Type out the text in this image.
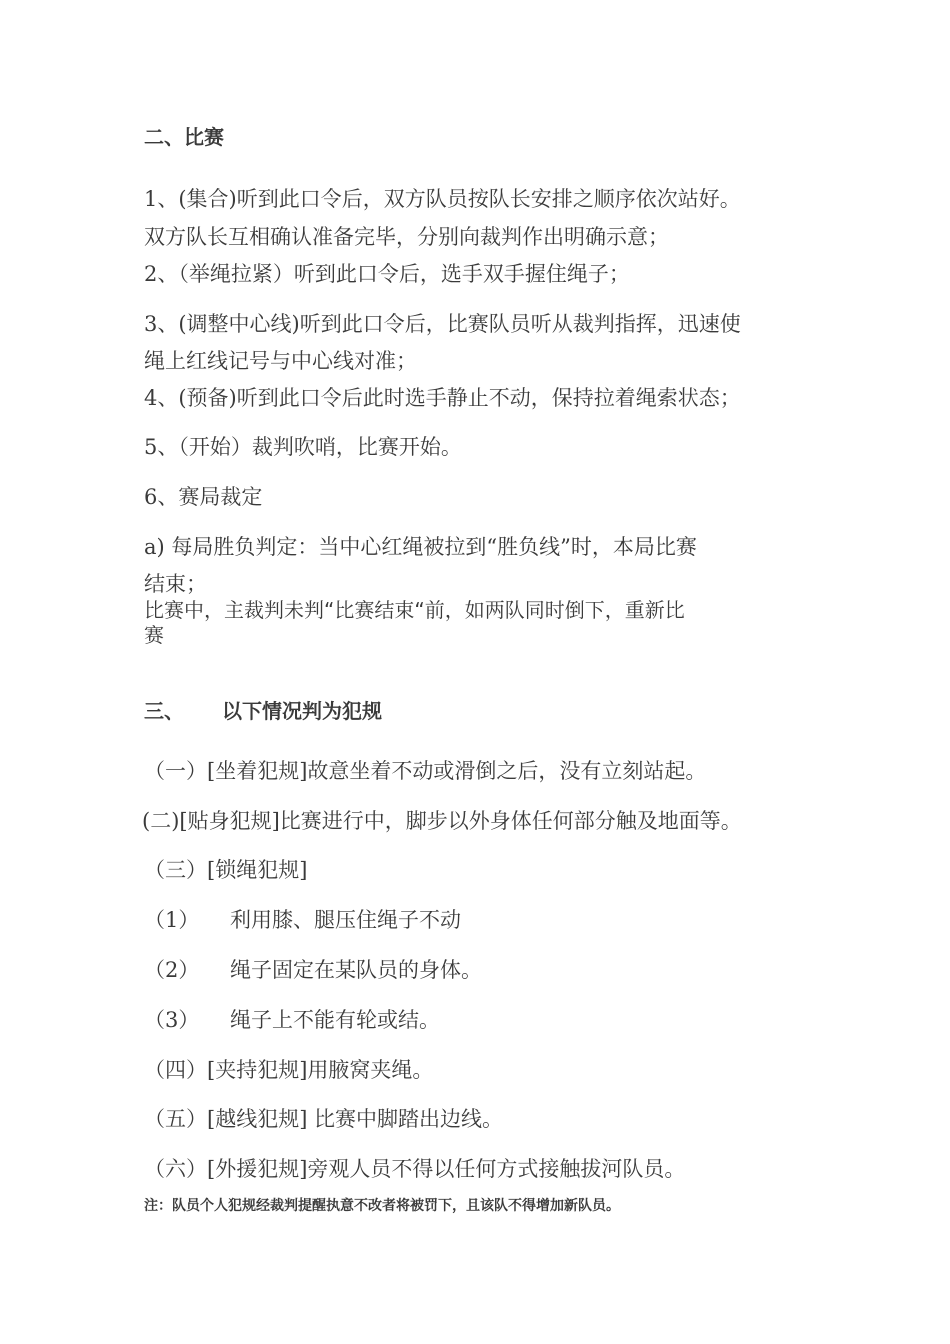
二、比赛
1、(集合)听到此口令后，双方队员按队长安排之顺序依次站好。
双方队长互相确认准备完毕，分别向裁判作出明确示意；
2、（举绳拉紧）听到此口令后，选手双手握住绳子；
3、(调整中心线)听到此口令后，比赛队员听从裁判指挥，迅速使
绳上红线记号与中心线对准；
4、(预备)听到此口令后此时选手静止不动，保持拉着绳索状态；
5、（开始）裁判吹哨，比赛开始。
6、赛局裁定
a) 每局胜负判定：当中心红绳被拉到“胜负线”时，本局比赛
结束；
比赛中，主裁判未判“比赛结束“前，如两队同时倒下，重新比
赛
三、 以下情况判为犯规
（一）[坐着犯规]故意坐着不动或滑倒之后，没有立刻站起。
(二)[贴身犯规]比赛进行中，脚步以外身体任何部分触及地面等。
（三）[锁绳犯规]
（1） 利用膝、腿压住绳子不动
（2） 绳子固定在某队员的身体。
（3） 绳子上不能有轮或结。
（四）[夹持犯规]用腋窝夹绳。
（五）[越线犯规] 比赛中脚踏出边线。
（六）[外援犯规]旁观人员不得以任何方式接触拔河队员。
注：队员个人犯规经裁判提醒执意不改者将被罚下，且该队不得增加新队员。
